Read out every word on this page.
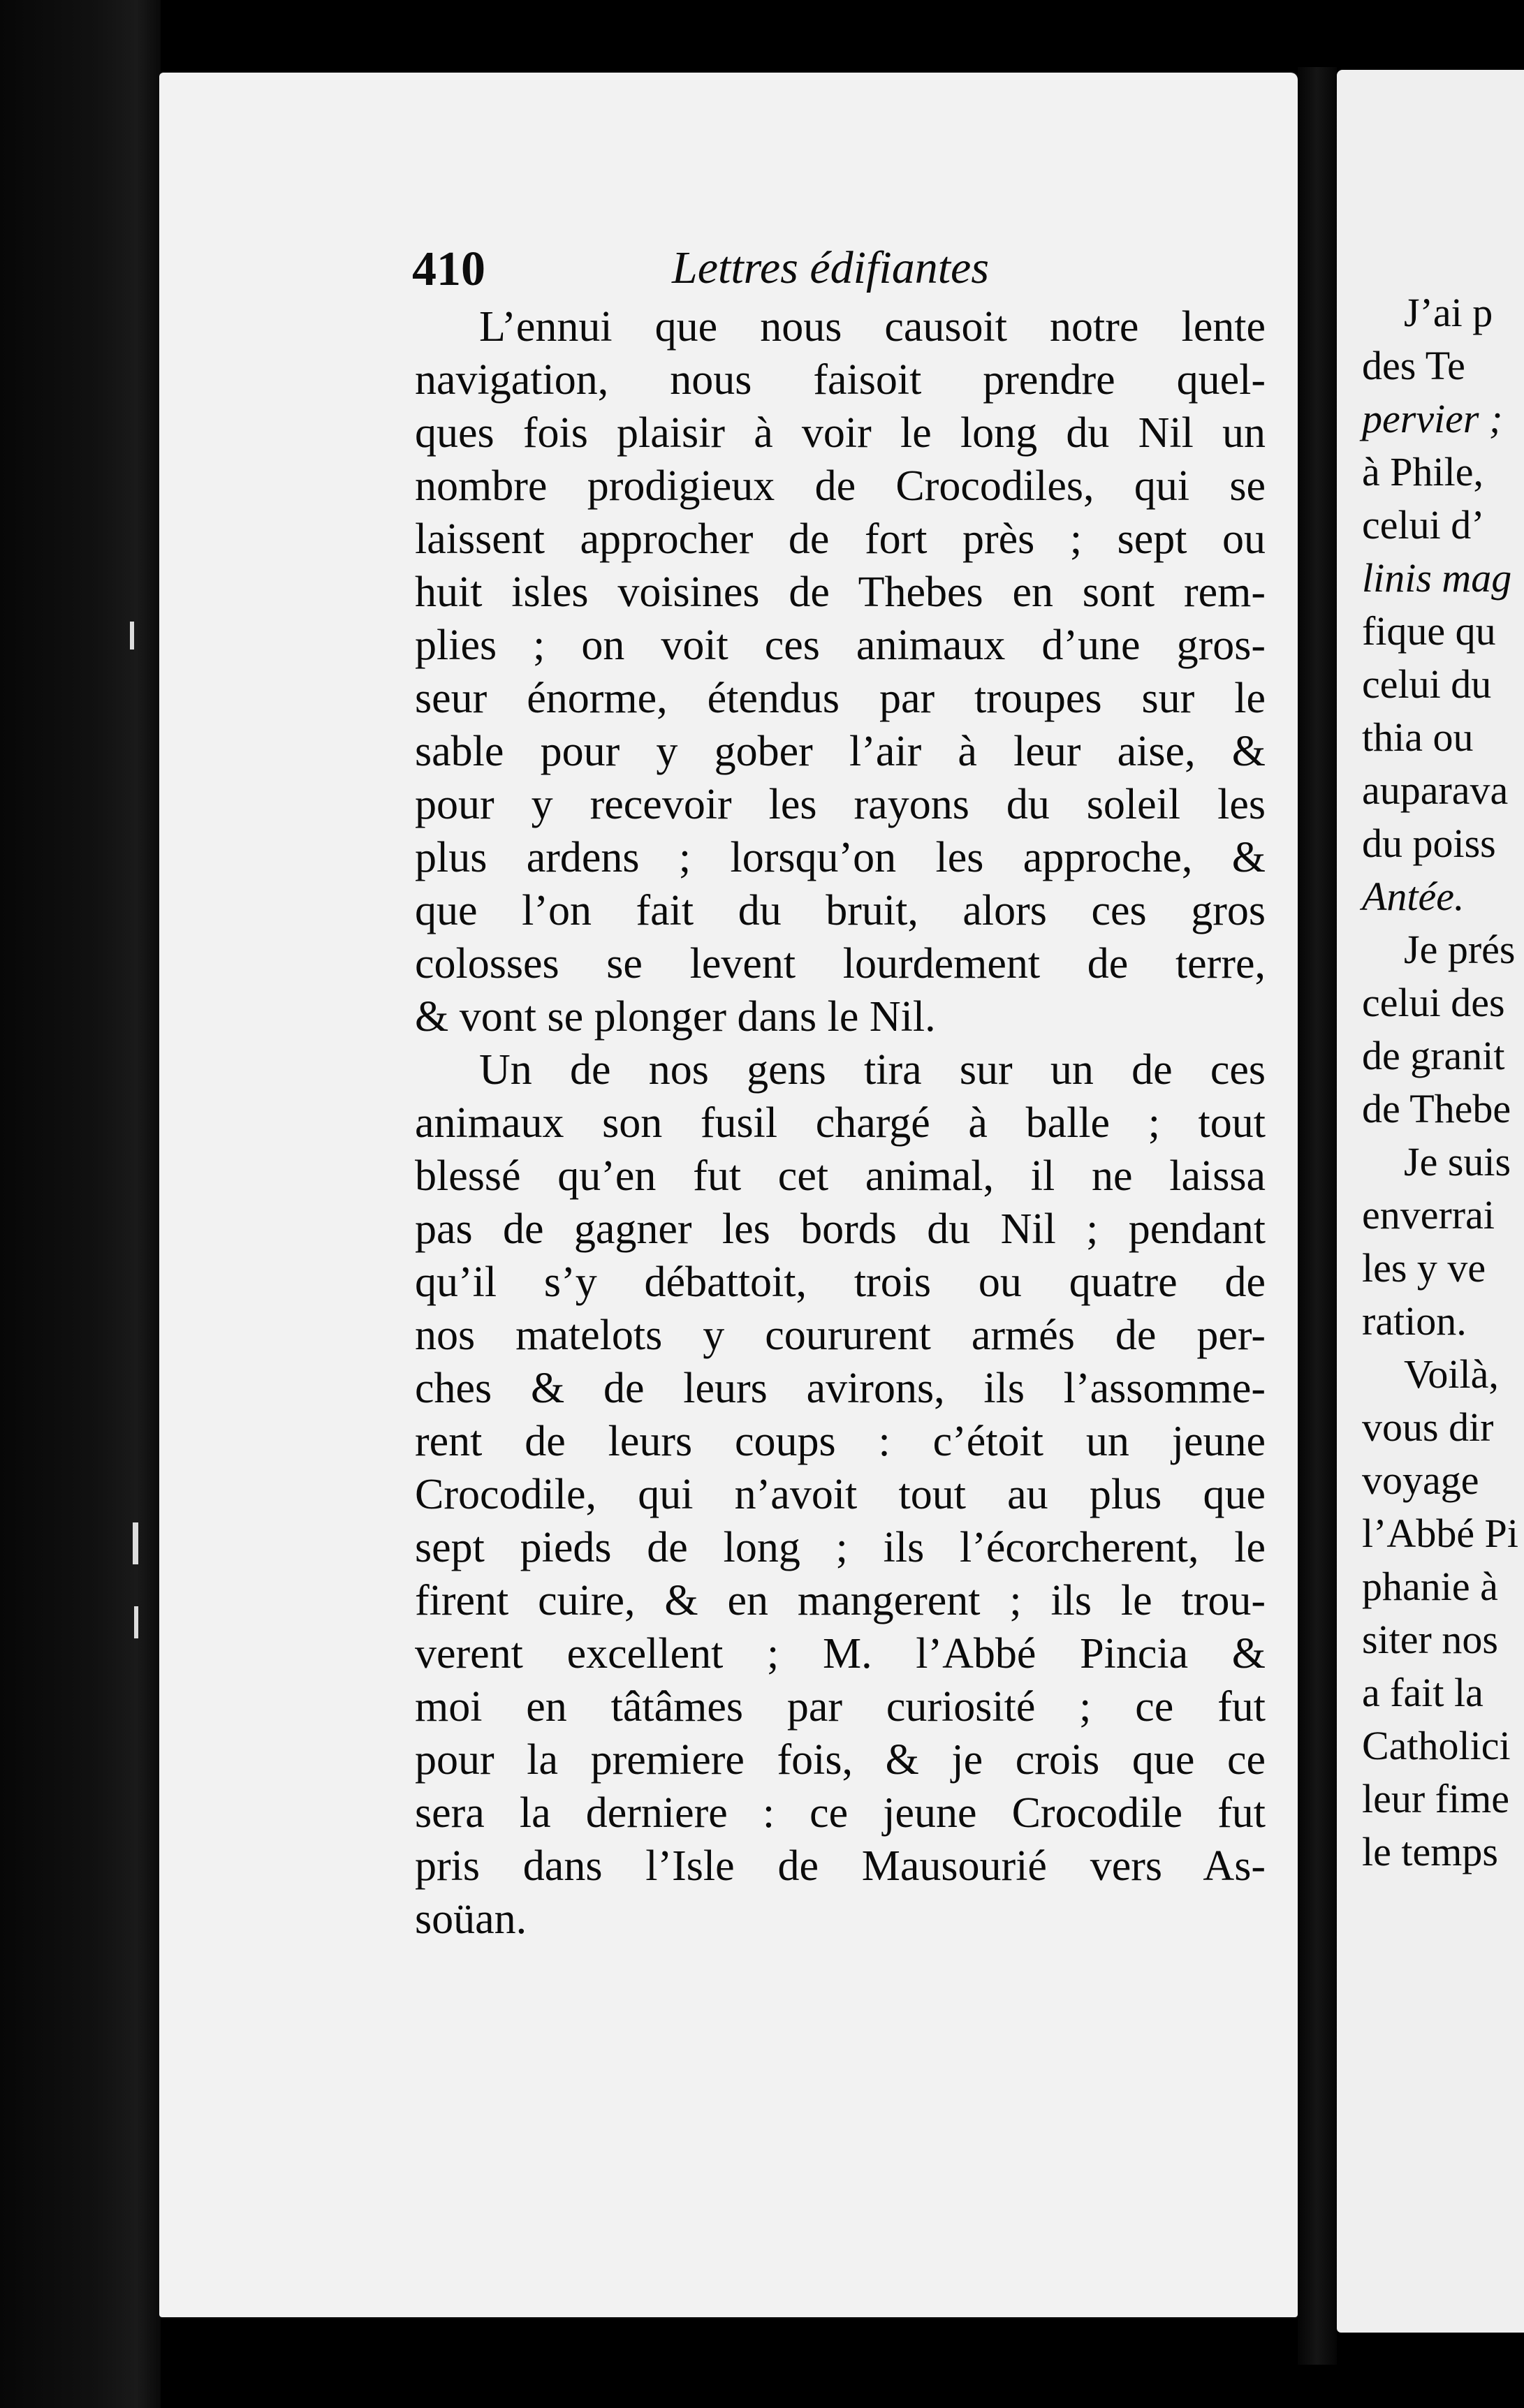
410	Lettres édifiantes
L’ennui que nous causoit notre lente
navigation, nous faisoit prendre quel-
ques fois plaisir à voir le long du Nil un
nombre prodigieux de Crocodiles, qui se
laissent approcher de fort près ; sept ou
huit isles voisines de Thebes en sont rem-
plies ; on voit ces animaux d’une gros-
seur énorme, étendus par troupes sur le
sable pour y gober l’air à leur aise, &
pour y recevoir les rayons du soleil les
plus ardens ; lorsqu’on les approche, &
que l’on fait du bruit, alors ces gros
colosses se levent lourdement de terre,
& vont se plonger dans le Nil.
Un de nos gens tira sur un de ces
animaux son fusil chargé à balle ; tout
blessé qu’en fut cet animal, il ne laissa
pas de gagner les bords du Nil ; pendant
qu’il s’y débattoit, trois ou quatre de
nos matelots y coururent armés de per-
ches & de leurs avirons, ils l’assomme-
rent de leurs coups : c’étoit un jeune
Crocodile, qui n’avoit tout au plus que
sept pieds de long ; ils l’écorcherent, le
firent cuire, & en mangerent ; ils le trou-
verent excellent ; M. l’Abbé Pincia &
moi en tâtâmes par curiosité ; ce fut
pour la premiere fois, & je crois que ce
sera la derniere : ce jeune Crocodile fut
pris dans l’Isle de Mausourié vers As-
soüan.
J’ai p
des Te
pervier ;
à Phile,
celui d’
linis mag
fique qu
celui du
thia ou
auparava
du poiss
Antée.
Je prés
celui des
de granit
de Thebe
Je suis
enverrai
les y ve
ration.
Voilà,
vous dir
voyage
l’Abbé Pi
phanie à
siter nos
a fait la
Catholici
leur fime
le temps
